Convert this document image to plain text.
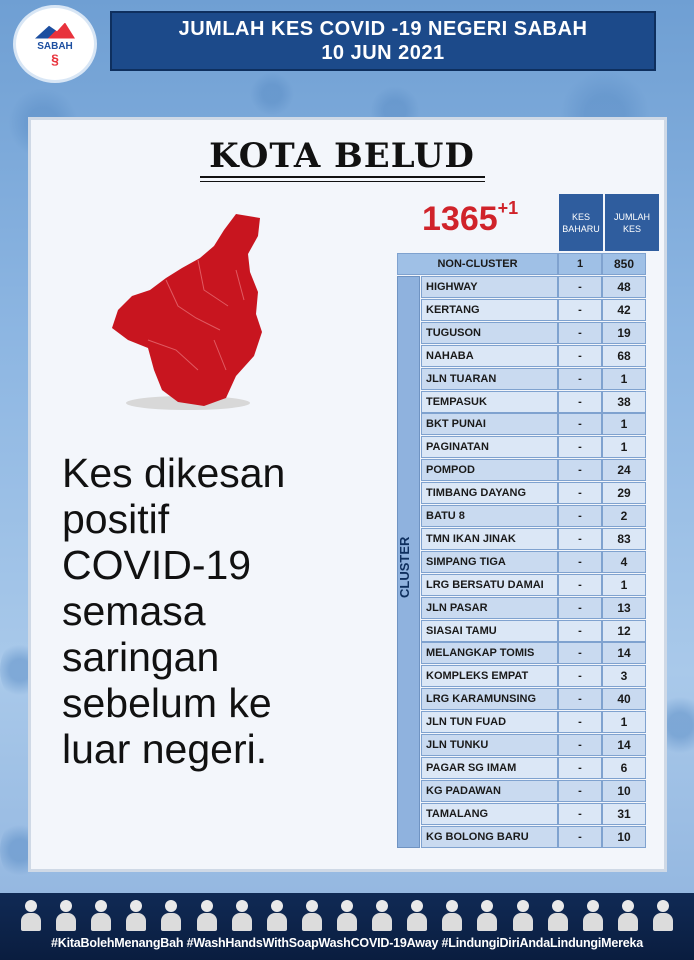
SABAH
§
JUMLAH KES COVID -19 NEGERI SABAH
10 JUN 2021
KOTA BELUD
$1365^{+1}$	KES BAHARU
JUMLAH KES
NON-CLUSTER	1	850
CLUSTER
HIGHWAY	-	48
KERTANG	-	42
TUGUSON	-	19
NAHABA	-	68
JLN TUARAN	-	1
TEMPASUK	-	38
BKT PUNAI	-	1
PAGINATAN	-	1
POMPOD	-	24
TIMBANG DAYANG	-	29
BATU 8	-	2
TMN IKAN JINAK	-	83
SIMPANG TIGA	-	4
LRG BERSATU DAMAI	-	1
JLN PASAR	-	13
SIASAI TAMU	-	12
MELANGKAP TOMIS	-	14
KOMPLEKS EMPAT	-	3
LRG KARAMUNSING	-	40
JLN TUN FUAD	-	1
JLN TUNKU	-	14
PAGAR SG IMAM	-	6
KG PADAWAN	-	10
TAMALANG	-	31
KG BOLONG BARU	-	10
Kes dikesan
positif
COVID-19
semasa
saringan
sebelum ke
luar negeri.
#KitaBolehMenangBah #WashHandsWithSoapWashCOVID-19Away #LindungiDiriAndaLindungiMereka
